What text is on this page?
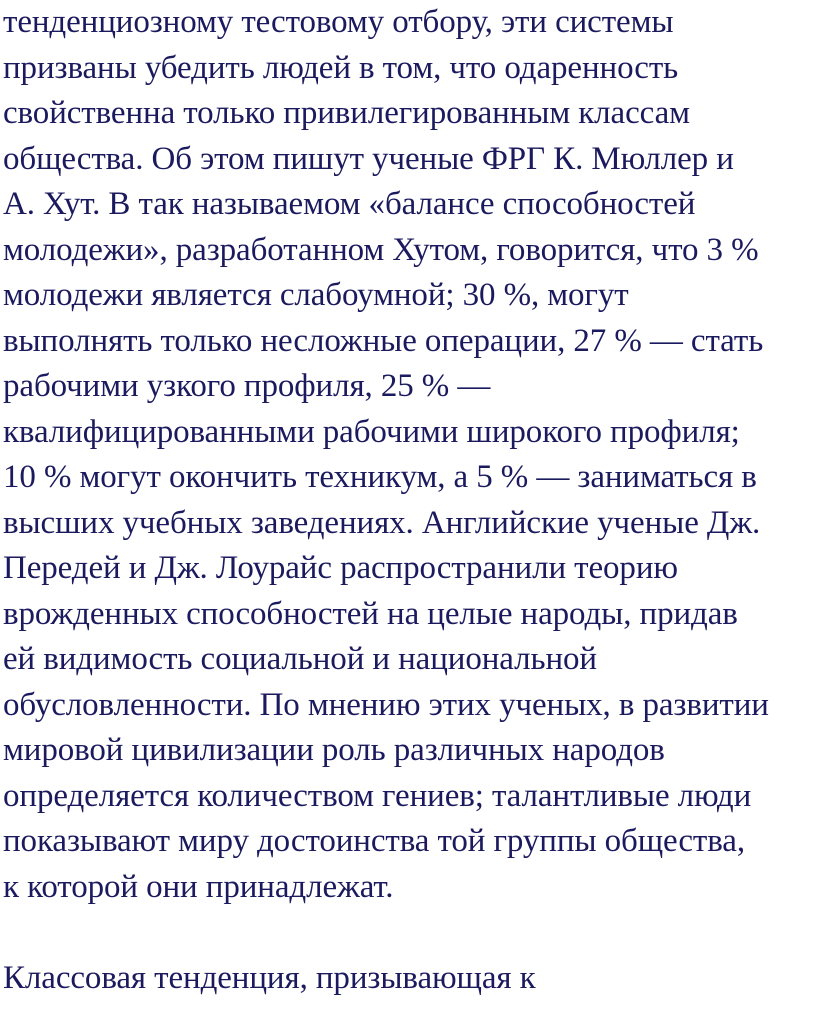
тенденциозному тестовому отбору, эти системы
призваны убедить людей в том, что одаренность
свойственна только привилегированным классам
общества. Об этом пишут ученые ФРГ К. Мюллер и
А. Хут. В так называемом «балансе способностей
молодежи», разработанном Хутом, говорится, что 3 %
молодежи является слабоумной; 30 %, могут
выполнять только несложные операции, 27 % — стать
рабочими узкого профиля, 25 % —
квалифицированными рабочими широкого профиля;
10 % могут окончить техникум, а 5 % — заниматься в
высших учебных заведениях. Английские ученые Дж.
Передей и Дж. Лоурайс распространили теорию
врожденных способностей на целые народы, придав
ей видимость социальной и национальной
обусловленности. По мнению этих ученых, в развитии
мировой цивилизации роль различных народов
определяется количеством гениев; талантливые люди
показывают миру достоинства той группы общества,
к которой они принадлежат.
Классовая тенденция, призывающая к
